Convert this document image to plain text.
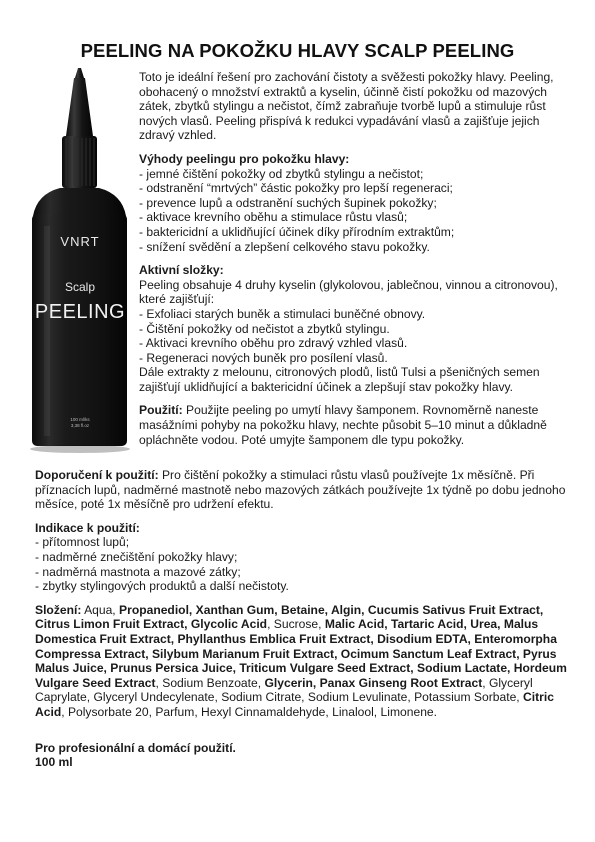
PEELING NA POKOŽKU HLAVY SCALP PEELING
VNRT
Scalp
PEELING
100 ml/ks
3,38 fl.oz

Toto je ideální řešení pro zachování čistoty a svěžesti pokožky hlavy. Peeling, obohacený o množství extraktů a kyselin, účinně čistí pokožku od mazových zátek, zbytků stylingu a nečistot, čímž zabraňuje tvorbě lupů a stimuluje růst nových vlasů. Peeling přispívá k redukci vypadávání vlasů a zajišťuje jejich zdravý vzhled.

Výhody peelingu pro pokožku hlavy:

- jemné čištění pokožky od zbytků stylingu a nečistot;

- odstranění “mrtvých” částic pokožky pro lepší regeneraci;

- prevence lupů a odstranění suchých šupinek pokožky;

- aktivace krevního oběhu a stimulace růstu vlasů;

- baktericidní a uklidňující účinek díky přírodním extraktům;

- snížení svědění a zlepšení celkového stavu pokožky.

Aktivní složky:

Peeling obsahuje 4 druhy kyselin (glykolovou, jablečnou, vinnou a citronovou), které zajišťují:

- Exfoliaci starých buněk a stimulaci buněčné obnovy.

- Čištění pokožky od nečistot a zbytků stylingu.

- Aktivaci krevního oběhu pro zdravý vzhled vlasů.

- Regeneraci nových buněk pro posílení vlasů.

Dále extrakty z melounu, citronových plodů, listů Tulsi a pšeničných semen zajišťují uklidňující a baktericidní účinek a zlepšují stav pokožky hlavy.

Použití: Použijte peeling po umytí hlavy šamponem. Rovnoměrně naneste masážními pohyby na pokožku hlavy, nechte působit 5–10 minut a důkladně opláchněte vodou. Poté umyjte šamponem dle typu pokožky.

Doporučení k použití: Pro čištění pokožky a stimulaci růstu vlasů používejte 1x měsíčně. Při příznacích lupů, nadměrné mastnotě nebo mazových zátkách používejte 1x týdně po dobu jednoho měsíce, poté 1x měsíčně pro udržení efektu.

Indikace k použití:

- přítomnost lupů;

- nadměrné znečištění pokožky hlavy;

- nadměrná mastnota a mazové zátky;

- zbytky stylingových produktů a další nečistoty.

Složení: Aqua, Propanediol, Xanthan Gum, Betaine, Algin, Cucumis Sativus Fruit Extract, Citrus Limon Fruit Extract, Glycolic Acid, Sucrose, Malic Acid, Tartaric Acid, Urea, Malus Domestica Fruit Extract, Phyllanthus Emblica Fruit Extract, Disodium EDTA, Enteromorpha Compressa Extract, Silybum Marianum Fruit Extract, Ocimum Sanctum Leaf Extract, Pyrus Malus Juice, Prunus Persica Juice, Triticum Vulgare Seed Extract, Sodium Lactate, Hordeum Vulgare Seed Extract, Sodium Benzoate, Glycerin, Panax Ginseng Root Extract, Glyceryl Caprylate, Glyceryl Undecylenate, Sodium Citrate, Sodium Levulinate, Potassium Sorbate, Citric Acid, Polysorbate 20, Parfum, Hexyl Cinnamaldehyde, Linalool, Limonene.

Pro profesionální a domácí použití.

100 ml
